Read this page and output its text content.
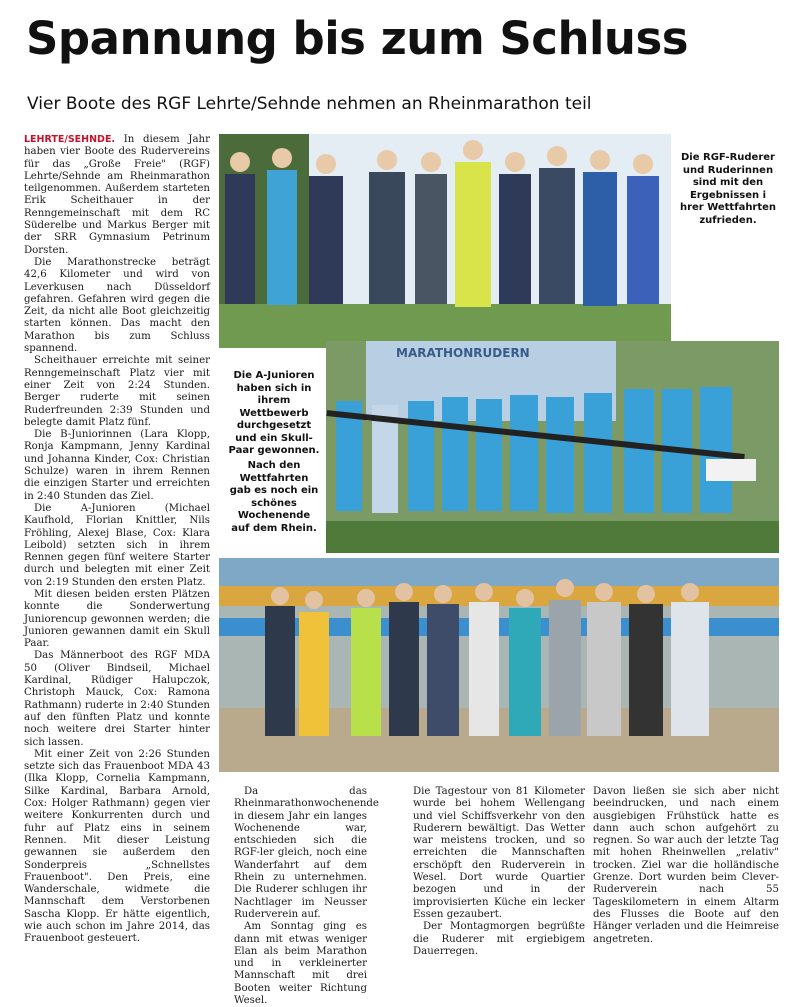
Spannung bis zum Schluss
Vier Boote des RGF Lehrte/Sehnde nehmen an Rheinmarathon teil

LEHRTE/SEHNDE. In diesem Jahr haben vier Boote des Rudervereins für das „Große Freie" (RGF) Lehrte/Sehnde am Rheinmarathon teilgenommen. Außerdem starteten Erik Scheithauer in der Renngemeinschaft mit dem RC Süderelbe und Markus Berger mit der SRR Gymnasium Petrinum Dorsten.

Die Marathonstrecke beträgt 42,6 Kilometer und wird von Leverkusen nach Düsseldorf gefahren. Gefahren wird gegen die Zeit, da nicht alle Boot gleichzeitig starten können. Das macht den Marathon bis zum Schluss spannend.

Scheithauer erreichte mit seiner Renngemeinschaft Platz vier mit einer Zeit von 2:24 Stunden. Berger ruderte mit seinen Ruderfreunden 2:39 Stunden und belegte damit Platz fünf.

Die B-Juniorinnen (Lara Klopp, Ronja Kampmann, Jenny Kardinal und Johanna Kinder, Cox: Christian Schulze) waren in ihrem Rennen die einzigen Starter und erreichten in 2:40 Stunden das Ziel.

Die A-Junioren (Michael Kaufhold, Florian Knittler, Nils Fröhling, Alexej Blase, Cox: Klara Leibold) setzten sich in ihrem Rennen gegen fünf weitere Starter durch und belegten mit einer Zeit von 2:19 Stunden den ersten Platz.

Mit diesen beiden ersten Plätzen konnte die Sonderwertung Juniorencup gewonnen werden; die Junioren gewannen damit ein Skull Paar.

Das Männerboot des RGF MDA 50 (Oliver Bindseil, Michael Kardinal, Rüdiger Halupczok, Christoph Mauck, Cox: Ramona Rathmann) ruderte in 2:40 Stunden auf den fünften Platz und konnte noch weitere drei Starter hinter sich lassen.

Mit einer Zeit von 2:26 Stunden setzte sich das Frauenboot MDA 43 (Ilka Klopp, Cornelia Kampmann, Silke Kardinal, Barbara Arnold, Cox: Holger Rathmann) gegen vier weitere Konkurrenten durch und fuhr auf Platz eins in seinem Rennen. Mit dieser Leistung gewannen sie außerdem den Sonderpreis „Schnellstes Frauenboot". Den Preis, eine Wanderschale, widmete die Mannschaft dem Verstorbenen Sascha Klopp. Er hätte eigentlich, wie auch schon im Jahre 2014, das Frauenboot gesteuert.

Die RGF-Ruderer und Ruderinnen sind mit den Ergebnissen i hrer Wettfahrten zufrieden.
Die A-Junioren haben sich in ihrem Wettbewerb durchgesetzt und ein Skull-Paar gewonnen.
Nach den Wettfahrten gab es noch ein schönes Wochenende auf dem Rhein.
MARATHONRUDERN

Da das Rheinmarathonwochenende in diesem Jahr ein langes Wochenende war, entschieden sich die RGF-ler gleich, noch eine Wanderfahrt auf dem Rhein zu unternehmen. Die Ruderer schlugen ihr Nachtlager im Neusser Ruderverein auf.

Am Sonntag ging es dann mit etwas weniger Elan als beim Marathon und in verkleinerter Mannschaft mit drei Booten weiter Richtung Wesel.

Die Tagestour von 81 Kilometer wurde bei hohem Wellengang und viel Schiffsverkehr von den Ruderern bewältigt. Das Wetter war meistens trocken, und so erreichten die Mannschaften erschöpft den Ruderverein in Wesel. Dort wurde Quartier bezogen und in der improvisierten Küche ein lecker Essen gezaubert.

Der Montagmorgen begrüßte die Ruderer mit ergiebigem Dauerregen.

Davon ließen sie sich aber nicht beeindrucken, und nach einem ausgiebigen Frühstück hatte es dann auch schon aufgehört zu regnen. So war auch der letzte Tag mit hohen Rheinwellen „relativ" trocken. Ziel war die holländische Grenze. Dort wurden beim Clever-Ruderverein nach 55 Tageskilometern in einem Altarm des Flusses die Boote auf den Hänger verladen und die Heimreise angetreten.
